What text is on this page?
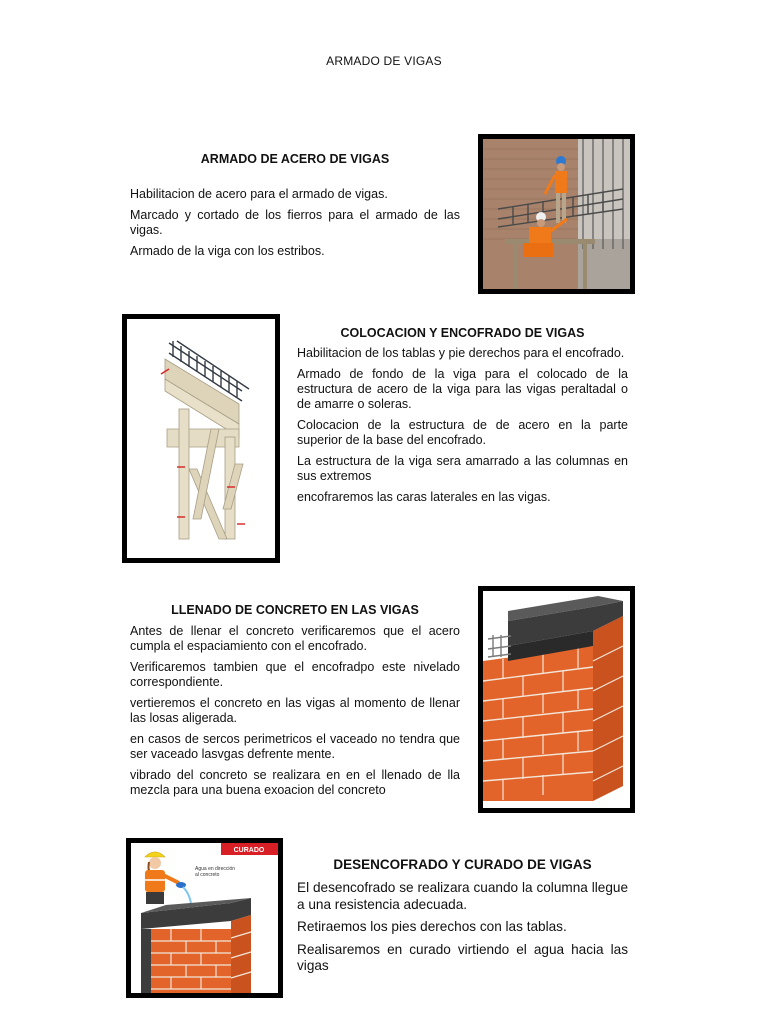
ARMADO DE VIGAS
ARMADO DE ACERO DE VIGAS

Habilitacion de acero para el armado de vigas.

Marcado y cortado de los fierros para el armado de las vigas.

Armado de la viga con los estribos.

COLOCACION Y ENCOFRADO DE VIGAS

Habilitacion de los tablas y pie derechos para el encofrado.

Armado de fondo de la viga para el colocado de la estructura de acero de la viga para las vigas peraltadal o de amarre o soleras.

Colocacion de la estructura de de acero en la parte superior de la base del encofrado.

La estructura de la viga sera amarrado a las columnas en sus extremos

encofraremos las caras laterales en las vigas.

LLENADO DE CONCRETO EN LAS VIGAS

Antes de llenar el concreto verificaremos que el acero cumpla el espaciamiento con el encofrado.

Verificaremos tambien que el encofradpo este nivelado correspondiente.

vertieremos el concreto en las vigas al momento de llenar las losas aligerada.

en casos de sercos perimetricos el vaceado no tendra que ser vaceado lasvgas defrente mente.

vibrado del concreto se realizara en en el llenado de lla mezcla para una buena exoacion del concreto

CURADO
Agua en dirección
al concreto
DESENCOFRADO Y CURADO DE VIGAS

El desencofrado se realizara cuando la columna llegue a una resistencia adecuada.

Retiraemos los pies derechos con las tablas.

Realisaremos en curado virtiendo el agua hacia las vigas
